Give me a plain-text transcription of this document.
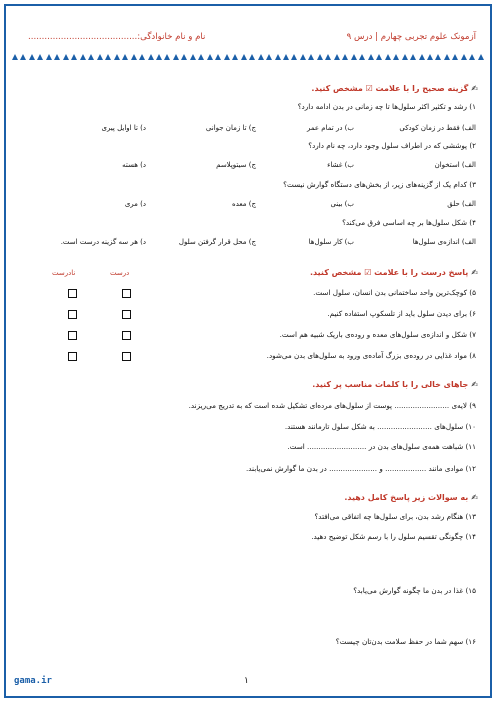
آزمونک علوم تجربی چهارم | درس ۹
نام و نام خانوادگی:........................................
✍گزینه صحیح را با علامت ☑ مشخص کنید.
۱) رشد و تکثیر اکثر سلول‌ها تا چه زمانی در بدن ادامه دارد؟
الف) فقط در زمان کودکی
ب) در تمام عمر
ج) تا زمان جوانی
د) تا اوایل پیری
۲) پوششی که در اطراف سلول وجود دارد، چه نام دارد؟
الف) استخوان
ب) غشاء
ج) سیتوپلاسم
د) هسته
۳) کدام یک از گزینه‌های زیر، از بخش‌های دستگاه گوارش نیست؟
الف) حلق
ب) بینی
ج) معده
د) مری
۴) شکل سلول‌ها بر چه اساسی فرق می‌کند؟
الف) اندازه‌ی سلول‌ها
ب) کار سلول‌ها
ج) محل قرار گرفتن سلول
د) هر سه گزینه درست است.
✍پاسخ درست را با علامت ☑ مشخص کنید.
درست
نادرست
۵) کوچک‌ترین واحد ساختمانی بدن انسان، سلول است.
۶) برای دیدن سلول باید از تلسکوپ استفاده کنیم.
۷) شکل و اندازه‌ی سلول‌های معده و روده‌ی باریک شبیه هم است.
۸) مواد غذایی در روده‌ی بزرگ آماده‌ی ورود به سلول‌های بدن می‌شود.
✍جاهای خالی را با کلمات مناسب پر کنید.
۹) لایه‌ی ........................ پوست از سلول‌های مرده‌ای تشکیل شده است که به تدریج می‌ریزند.
۱۰) سلول‌های ........................ به شکل سلول تارمانند هستند.
۱۱) شباهت همه‌ی سلول‌های بدن در .......................... است.
۱۲) موادی مانند .................. و ..................... در بدن ما گوارش نمی‌یابند.
✍به سوالات زیر پاسخ کامل دهید.
۱۳) هنگام رشد بدن، برای سلول‌ها چه اتفاقی می‌افتد؟
۱۴) چگونگی تقسیم سلول را با رسم شکل توضیح دهید.
۱۵) غذا در بدن ما چگونه گوارش می‌یابد؟
۱۶) سهم شما در حفظ سلامت بدن‌تان چیست؟
gama.ir	۱
